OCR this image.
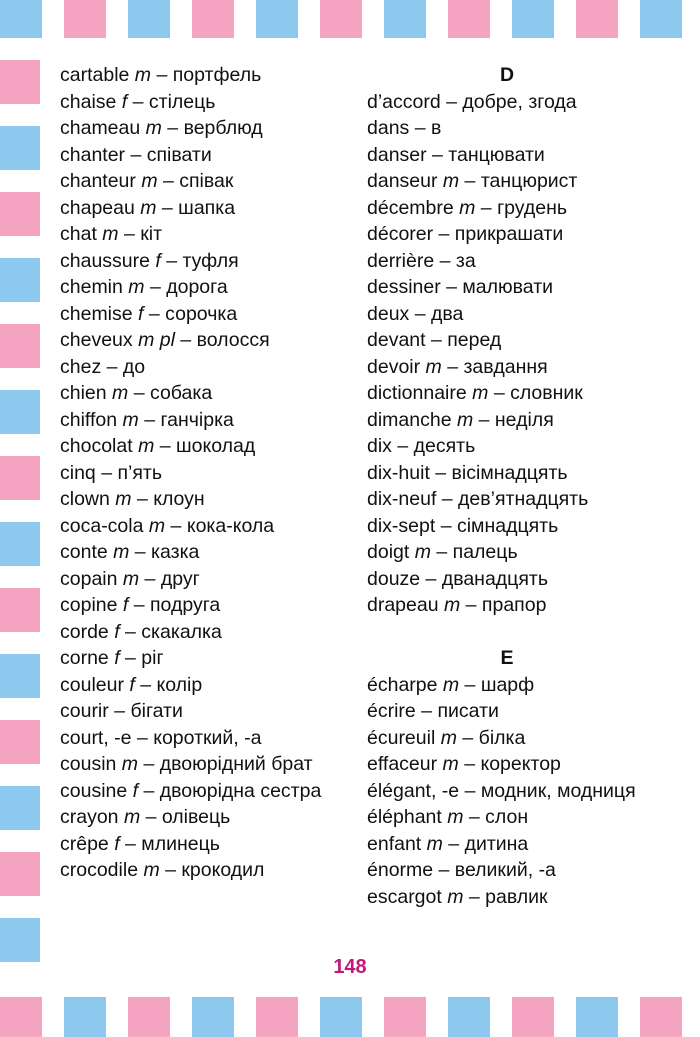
cartable m – портфель
chaise f – стілець
chameau m – верблюд
chanter – співати
chanteur m – співак
chapeau m – шапка
chat m – кіт
chaussure f – туфля
chemin m – дорога
chemise f – сорочка
cheveux m pl – волосся
chez – до
chien m – собака
chiffon m – ганчірка
chocolat m – шоколад
cinq – п’ять
clown m – клоун
coca-cola m – кока-кола
conte m – казка
copain m – друг
copine f – подруга
corde f – скакалка
corne f – ріг
couleur f – колір
courir – бігати
court, -e – короткий, -а
cousin m – двоюрідний брат
cousine f – двоюрідна сестра
crayon m – олівець
crêpe f – млинець
crocodile m – крокодил
D
d’accord – добре, згода
dans – в
danser – танцювати
danseur m – танцюрист
décembre m – грудень
décorer – прикрашати
derrière – за
dessiner – малювати
deux – два
devant – перед
devoir m – завдання
dictionnaire m – словник
dimanche m – неділя
dix – десять
dix-huit – вісімнадцять
dix-neuf – дев’ятнадцять
dix-sept – сімнадцять
doigt m – палець
douze – дванадцять
drapeau m – прапор
E
écharpe m – шарф
écrire – писати
écureuil m – білка
effaceur m – коректор
élégant, -e – модник, модниця
éléphant m – слон
enfant m – дитина
énorme – великий, -а
escargot m – равлик
148
